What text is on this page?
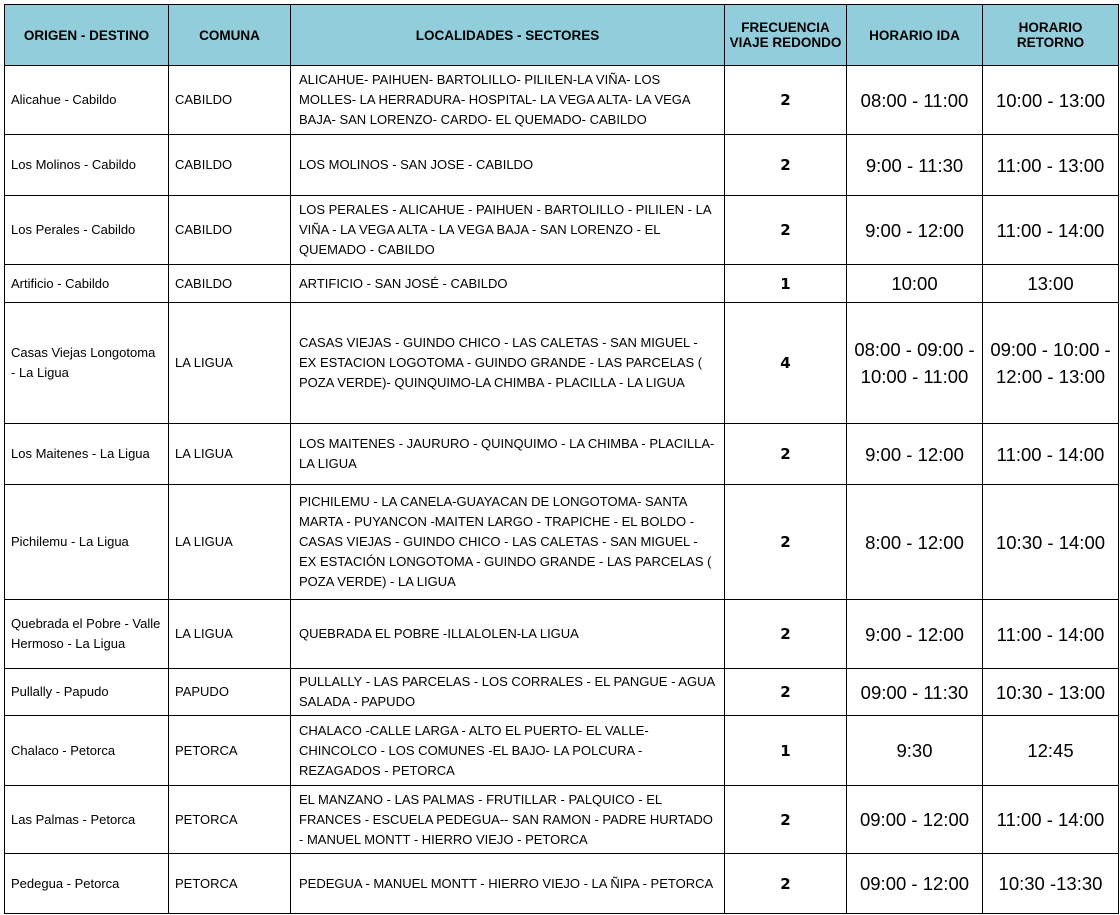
ORIGEN - DESTINO	COMUNA	LOCALIDADES - SECTORES	FRECUENCIA VIAJE REDONDO	HORARIO IDA	HORARIO RETORNO
Alicahue - Cabildo	CABILDO	ALICAHUE- PAIHUEN- BARTOLILLO- PILILEN-LA VIÑA- LOS MOLLES- LA HERRADURA- HOSPITAL- LA VEGA ALTA- LA VEGA BAJA- SAN LORENZO- CARDO- EL QUEMADO- CABILDO	2	08:00 - 11:00	10:00 - 13:00
Los Molinos - Cabildo	CABILDO	LOS MOLINOS - SAN JOSE - CABILDO	2	9:00 - 11:30	11:00 - 13:00
Los Perales - Cabildo	CABILDO	LOS PERALES - ALICAHUE - PAIHUEN - BARTOLILLO - PILILEN - LA VIÑA - LA VEGA ALTA - LA VEGA BAJA - SAN LORENZO - EL QUEMADO - CABILDO	2	9:00 - 12:00	11:00 - 14:00
Artificio - Cabildo	CABILDO	ARTIFICIO - SAN JOSÉ - CABILDO	1	10:00	13:00
Casas Viejas Longotoma - La Ligua	LA LIGUA	CASAS VIEJAS - GUINDO CHICO - LAS CALETAS - SAN MIGUEL - EX ESTACION LOGOTOMA - GUINDO GRANDE - LAS PARCELAS ( POZA VERDE)- QUINQUIMO-LA CHIMBA - PLACILLA - LA LIGUA	4	08:00 - 09:00 - 10:00 - 11:00	09:00 - 10:00 - 12:00 - 13:00
Los Maitenes - La Ligua	LA LIGUA	LOS MAITENES - JAURURO - QUINQUIMO - LA CHIMBA - PLACILLA- LA LIGUA	2	9:00 - 12:00	11:00 - 14:00
Pichilemu - La Ligua	LA LIGUA	PICHILEMU - LA CANELA-GUAYACAN DE LONGOTOMA- SANTA MARTA - PUYANCON -MAITEN LARGO - TRAPICHE - EL BOLDO - CASAS VIEJAS - GUINDO CHICO - LAS CALETAS - SAN MIGUEL - EX ESTACIÓN LONGOTOMA - GUINDO GRANDE - LAS PARCELAS ( POZA VERDE) - LA LIGUA	2	8:00 - 12:00	10:30 - 14:00
Quebrada el Pobre - Valle Hermoso - La Ligua	LA LIGUA	QUEBRADA EL POBRE -ILLALOLEN-LA LIGUA	2	9:00 - 12:00	11:00 - 14:00
Pullally - Papudo	PAPUDO	PULLALLY - LAS PARCELAS - LOS CORRALES - EL PANGUE - AGUA SALADA - PAPUDO	2	09:00 - 11:30	10:30 - 13:00
Chalaco - Petorca	PETORCA	CHALACO -CALLE LARGA - ALTO EL PUERTO- EL VALLE- CHINCOLCO - LOS COMUNES -EL BAJO- LA POLCURA - REZAGADOS - PETORCA	1	9:30	12:45
Las Palmas - Petorca	PETORCA	EL MANZANO - LAS PALMAS - FRUTILLAR - PALQUICO - EL FRANCES - ESCUELA PEDEGUA-- SAN RAMON - PADRE HURTADO - MANUEL MONTT - HIERRO VIEJO - PETORCA	2	09:00 - 12:00	11:00 - 14:00
Pedegua - Petorca	PETORCA	PEDEGUA - MANUEL MONTT - HIERRO VIEJO - LA ÑIPA - PETORCA	2	09:00 - 12:00	10:30 -13:30
